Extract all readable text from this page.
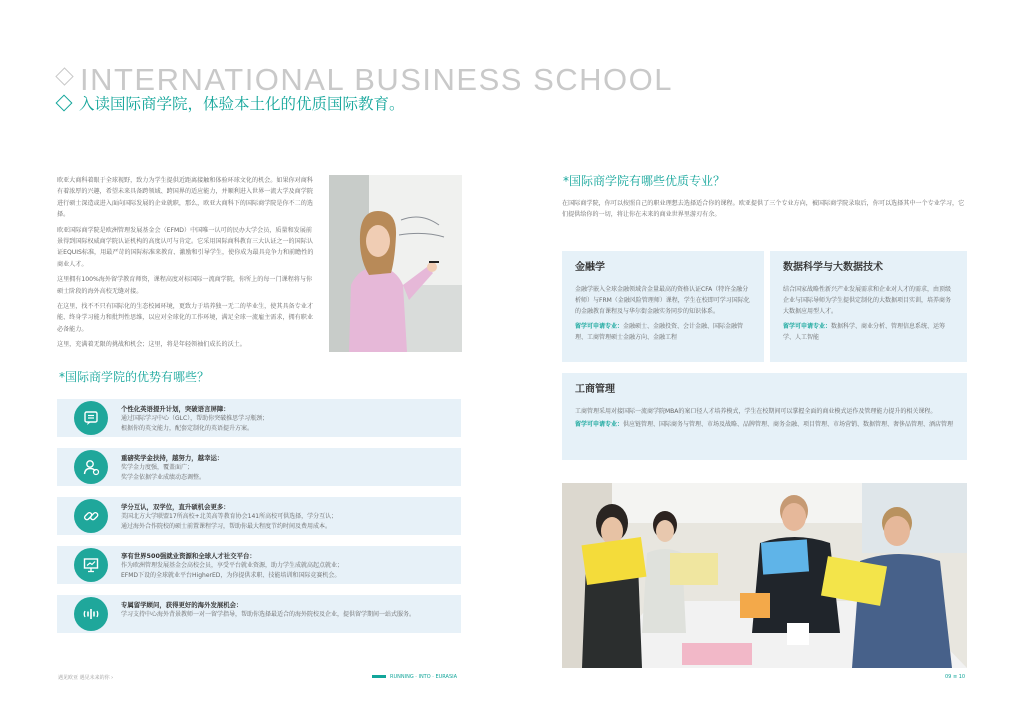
INTERNATIONAL BUSINESS SCHOOL
入读国际商学院，体验本土化的优质国际教育。

欧亚大商科着眼于全球视野，致力为学生提供近距离接触和体验环球文化的机会。如果你对商科有着浓厚的兴趣，希望未来具备跨领域、跨国界的适应能力，并顺利进入世界一流大学及商学院进行硕士深造或进入面向国际发展的企业就职，那么，欧亚大商科下的国际商学院是你不二的选择。

欧亚国际商学院是欧洲管理发展基金会（EFMD）中国唯一认可的民办大学会员，质量和发展前景得到国际权威商学院认证机构的高度认可与肯定。它采用国际商科教育三大认证之一的国际认证EQUIS标准，用最严苛的国际标准来教育、激励和引导学生，使你成为最具竞争力和前瞻性的商业人才。

这里拥有100%海外留学教育师资，课程高度对标国际一流商学院，你所上的每一门课程将与你硕士阶段的海外高校无缝对接。

在这里，找不不只有国际化的生态校园环境，更致力于培养独一无二的毕业生，使其具备专业才能、终身学习能力和批判性思维，以应对全球化的工作环境，满足全球一流雇主需求，拥有职业必备能力。

这里，充满着无限的挑战和机会；这里，将是年轻领袖们成长的沃土。

*国际商学院的优势有哪些？
个性化英语提升计划，突破语言屏障：
通过国际学习中心（GLC），帮助你突破推思学习瓶颈；
根据你的英文能力，配套定制化的英语提升方案。
重磅奖学金扶持，越努力，越幸运：
奖学金力度强，覆盖面广；
奖学金依据学业成绩动态调整。
学分互认，双学位，直升硕机会更多：
美国北方大学联盟17所高校+北美高等教育协会141所高校可供选择，学分互认；
通过海外合作院校的硕士前置课程学习，帮助你最大程度节约时间及费用成本。
享有世界500强就业资源和全球人才社交平台：
作为欧洲管理发展基金会高校会员，享受平台就业资源，助力学生成就高起点就业；
EFMD下设的全球就业平台HigherED，为你提供求职、技能培训和国际竞赛机会。
专属留学顾问，获得更好的海外发展机会：
学习支持中心海外背景教师一对一留学指导，帮助你选择最适合的海外院校及企业，提供留学期间一站式服务。
*国际商学院有哪些优质专业？
在国际商学院，你可以按照自己的职业理想去选择适合你的课程。欧亚提供了三个专业方向，被国际商学院录取后，你可以选择其中一个专业学习，它们提供给你的一切，将让你在未来的商业世界里游刃有余。
金融学
金融学嵌入全球金融领域含金量最高的资格认证CFA（特许金融分析师）与FRM（金融风险管理师）课程，学生在校即可学习国际化的金融教育课程及与华尔街金融实务同步的知识体系。
留学可申请专业：金融硕士、金融投资、会计金融、国际金融管理、工商管理硕士金融方向、金融工程
数据科学与大数据技术
结合国家战略性新兴产业发展需求和企业对人才的需求，由顶级企业与国际导师为学生提供定制化的大数据项目实训，培养商务大数据应用型人才。
留学可申请专业：数据科学、商业分析、管理信息系统、运筹学、人工智能
工商管理
工商管理采用对接国际一流商学院MBA的案口径人才培养模式，学生在校期间可以掌握全面的商业模式运作及管理能力提升的相关课程。
留学可申请专业：供应链管理、国际商务与管理、市场及战略、品牌管理、商务金融、项目管理、市场营销、数据管理、奢侈品管理、酒店管理
遇见欧亚 遇见未来的你 ›	RUNNING · INTO · EURASIA	09 ≡ 10
